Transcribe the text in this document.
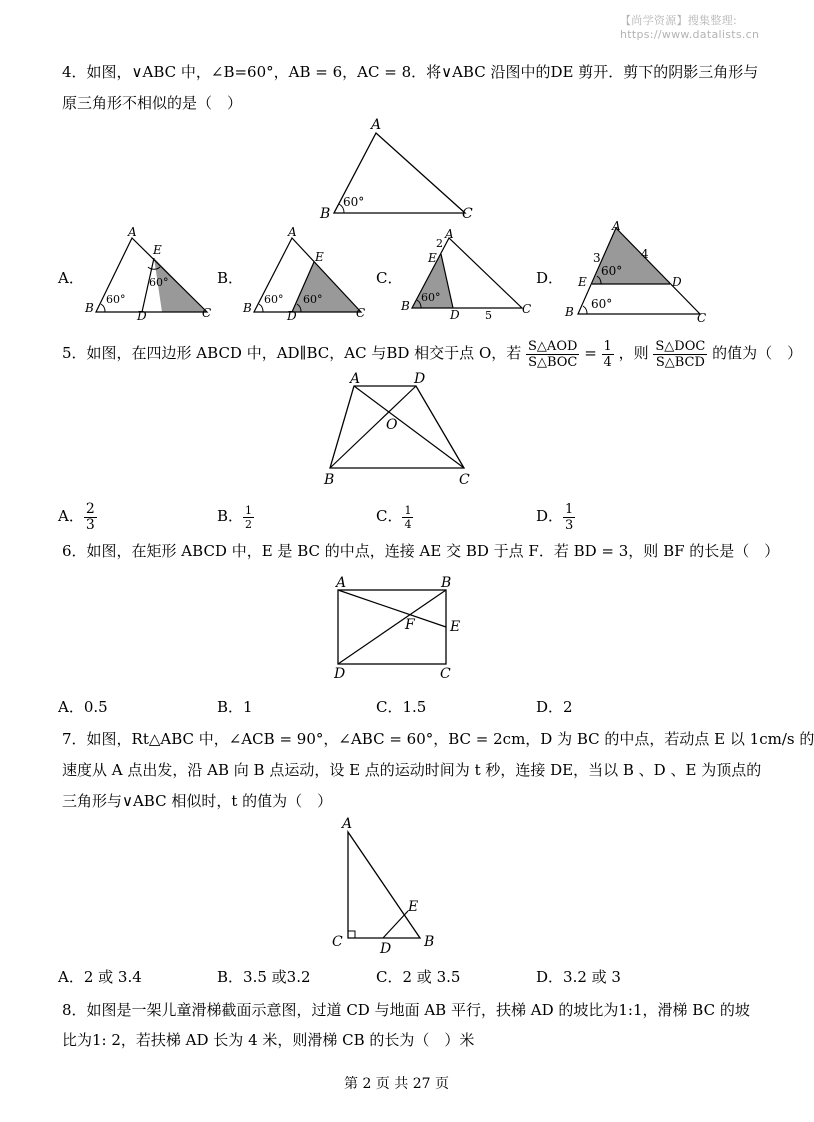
【尚学资源】搜集整理: https://www.datalists.cn
4．如图，∨ABC 中，∠B=60°，AB = 6，AC = 8．将∨ABC 沿图中的DE 剪开．剪下的阴影三角形与
原三角形不相似的是（　）
A
B	C
60°
A．
A
E
B
D	C
60°
60°	B．
A
E
B
D	C
60° 60°
C．
A
2
E
B
D 5	C
60°
D．
A
3	4
E	D
B	C
60°
60°
5．如图，在四边形 ABCD 中，AD∥BC，AC 与BD 相交于点 O，若 $\frac{\text{S△AOD}}{\text{S△BOC}} = \frac{1}{4}$ ，则 $\frac{\text{S△DOC}}{\text{S△BCD}}$ 的值为（　）
A	D
O
B	C
A． $\frac{2}{3}$	B． $\frac{1}{2}$	C． $\frac{1}{4}$	D． $\frac{1}{3}$
6．如图，在矩形 ABCD 中，E 是 BC 的中点，连接 AE 交 BD 于点 F．若 BD = 3，则 BF 的长是（　）
A	B
F	E
D	C
A．0.5	B．1	C．1.5	D．2
7．如图，Rt△ABC 中，∠ACB = 90°，∠ABC = 60°，BC = 2cm，D 为 BC 的中点，若动点 E 以 1cm/s 的
速度从 A 点出发，沿 AB 向 B 点运动，设 E 点的运动时间为 t 秒，连接 DE，当以 B 、D 、E 为顶点的
三角形与∨ABC 相似时，t 的值为（　）
A
E
C	B
D
A．2 或 3.4	B．3.5 或3.2	C．2 或 3.5	D．3.2 或 3
8．如图是一架儿童滑梯截面示意图，过道 CD 与地面 AB 平行，扶梯 AD 的坡比为1:1，滑梯 BC 的坡
比为1: 2，若扶梯 AD 长为 4 米，则滑梯 CB 的长为（　）米
第 2 页 共 27 页
